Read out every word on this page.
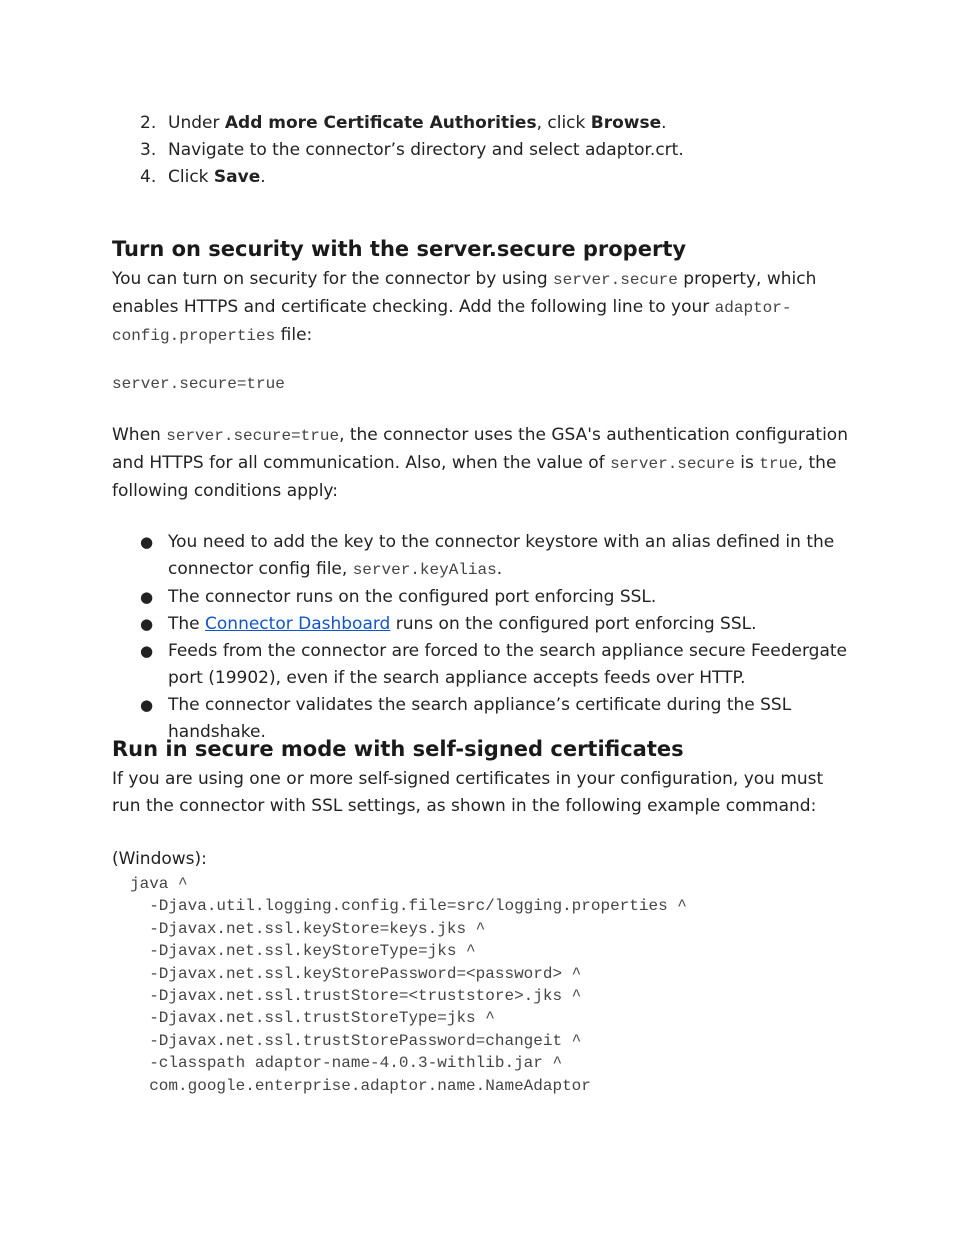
2. Under Add more Certificate Authorities, click Browse.
3. Navigate to the connector’s directory and select adaptor.crt.
4. Click Save.
Turn on security with the server.secure property

You can turn on security for the connector by using server.secure property, which enables HTTPS and certificate checking. Add the following line to your adaptor-config.properties file:

server.secure=true

When server.secure=true, the connector uses the GSA's authentication configuration and HTTPS for all communication. Also, when the value of server.secure is true, the following conditions apply:

● You need to add the key to the connector keystore with an alias defined in the connector config file, server.keyAlias.
● The connector runs on the configured port enforcing SSL.
● The Connector Dashboard runs on the configured port enforcing SSL.
● Feeds from the connector are forced to the search appliance secure Feedergate port (19902), even if the search appliance accepts feeds over HTTP.
● The connector validates the search appliance’s certificate during the SSL handshake.
Run in secure mode with self-signed certificates

If you are using one or more self-signed certificates in your configuration, you must run the connector with SSL settings, as shown in the following example command:

(Windows):
java ^
-Djava.util.logging.config.file=src/logging.properties ^
-Djavax.net.ssl.keyStore=keys.jks ^
-Djavax.net.ssl.keyStoreType=jks ^
-Djavax.net.ssl.keyStorePassword=<password> ^
-Djavax.net.ssl.trustStore=<truststore>.jks ^
-Djavax.net.ssl.trustStoreType=jks ^
-Djavax.net.ssl.trustStorePassword=changeit ^
-classpath adaptor-name-4.0.3-withlib.jar ^
com.google.enterprise.adaptor.name.NameAdaptor
